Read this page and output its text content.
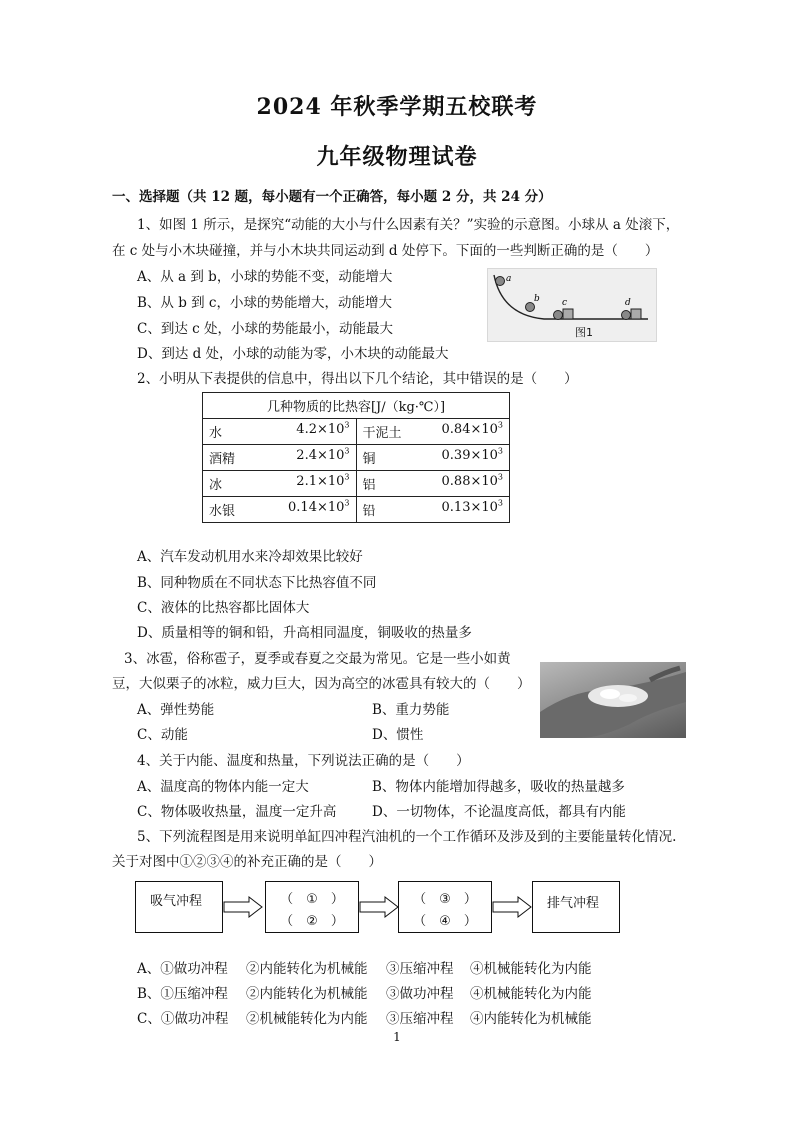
2024 年秋季学期五校联考
九年级物理试卷
一、选择题（共 12 题，每小题有一个正确答，每小题 2 分，共 24 分）
1、如图 1 所示，是探究“动能的大小与什么因素有关？”实验的示意图。小球从 a 处滚下，
在 c 处与小木块碰撞，并与小木块共同运动到 d 处停下。下面的一些判断正确的是（　　）
A、从 a 到 b，小球的势能不变，动能增大
B、从 b 到 c，小球的势能增大，动能增大
C、到达 c 处，小球的势能最小，动能最大
D、到达 d 处，小球的动能为零，小木块的动能最大
a
b c	d
图1
2、小明从下表提供的信息中，得出以下几个结论，其中错误的是（　　）
几种物质的比热容[J/（kg·℃）]	

水 $4.2\times 10^3$	干泥土 $0.84\times 10^3$

酒精 $2.4\times 10^3$	铜 $0.39\times 10^3$

冰 $2.1\times 10^3$	铝 $0.88\times 10^3$

水银 $0.14\times 10^3$	铅 $0.13\times 10^3$
A、汽车发动机用水来冷却效果比较好
B、同种物质在不同状态下比热容值不同
C、液体的比热容都比固体大
D、质量相等的铜和铅，升高相同温度，铜吸收的热量多
3、冰雹，俗称雹子，夏季或春夏之交最为常见。它是一些小如黄
豆，大似栗子的冰粒，威力巨大，因为高空的冰雹具有较大的（　　）
A、弹性势能	B、重力势能
C、动能	D、惯性
4、关于内能、温度和热量，下列说法正确的是（　　）
A、温度高的物体内能一定大	B、物体内能增加得越多，吸收的热量越多
C、物体吸收热量，温度一定升高	D、一切物体，不论温度高低，都具有内能
5、下列流程图是用来说明单缸四冲程汽油机的一个工作循环及涉及到的主要能量转化情况.
关于对图中①②③④的补充正确的是（　　）
吸气冲程	（　①　）
（　②　）
（　③　）
（　④　）
排气冲程
A、①做功冲程 ②内能转化为机械能 ③压缩冲程 ④机械能转化为内能
B、①压缩冲程 ②内能转化为机械能 ③做功冲程 ④机械能转化为内能
C、①做功冲程 ②机械能转化为内能 ③压缩冲程 ④内能转化为机械能
1
